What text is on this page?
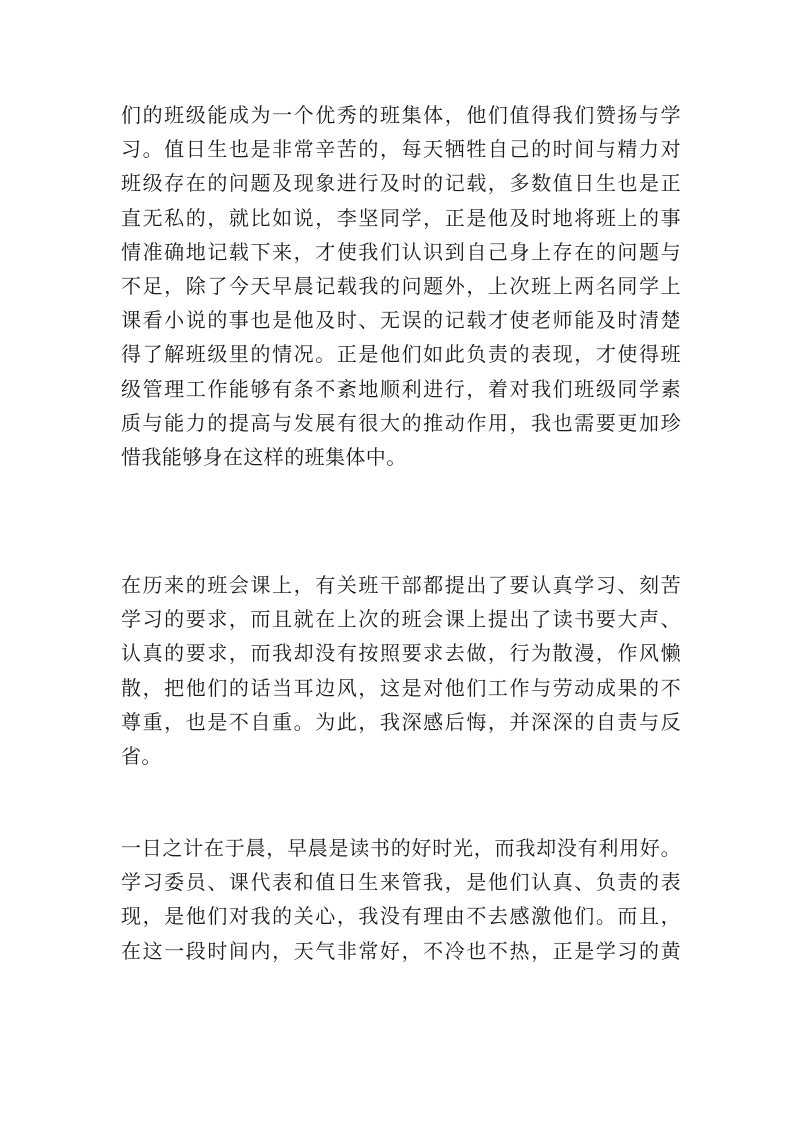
们的班级能成为一个优秀的班集体，他们值得我们赞扬与学
习。值日生也是非常辛苦的，每天牺牲自己的时间与精力对
班级存在的问题及现象进行及时的记载，多数值日生也是正
直无私的，就比如说，李坚同学，正是他及时地将班上的事
情准确地记载下来，才使我们认识到自己身上存在的问题与
不足，除了今天早晨记载我的问题外，上次班上两名同学上
课看小说的事也是他及时、无误的记载才使老师能及时清楚
得了解班级里的情况。正是他们如此负责的表现，才使得班
级管理工作能够有条不紊地顺利进行，着对我们班级同学素
质与能力的提高与发展有很大的推动作用，我也需要更加珍
惜我能够身在这样的班集体中。

在历来的班会课上，有关班干部都提出了要认真学习、刻苦
学习的要求，而且就在上次的班会课上提出了读书要大声、
认真的要求，而我却没有按照要求去做，行为散漫，作风懒
散，把他们的话当耳边风，这是对他们工作与劳动成果的不
尊重，也是不自重。为此，我深感后悔，并深深的自责与反
省。

一日之计在于晨，早晨是读书的好时光，而我却没有利用好。
学习委员、课代表和值日生来管我，是他们认真、负责的表
现，是他们对我的关心，我没有理由不去感激他们。而且，
在这一段时间内，天气非常好，不冷也不热，正是学习的黄
